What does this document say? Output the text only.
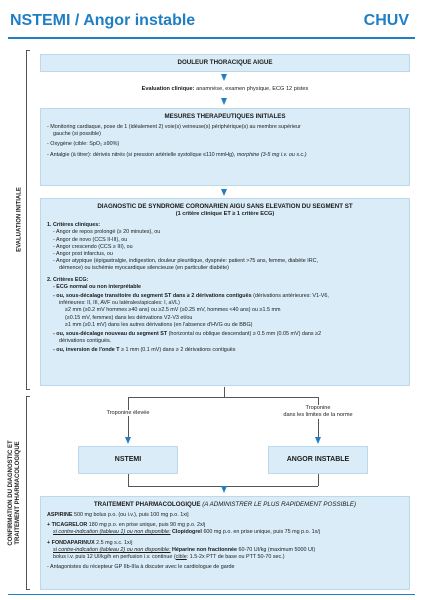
NSTEMI / Angor instable	CHUV
EVALUATION INITIALE
CONFIRMATION DU DIAGNOSTIC ET TRAITEMENT PHARMACOLOGIQUE
DOULEUR THORACIQUE AIGUE
Evaluation clinique: anamnèse, examen physique, ECG 12 pistes
MESURES THERAPEUTIQUES INITIALES
- Monitoring cardiaque, pose de 1 (idéalement 2) voie(s) veineuse(s) périphérique(s) au membre supérieur
gauche (si possible)
- Oxygène (cible: SpO₂ ≥90%)
- Antalgie (à titrer): dérivés nitrés (si pression artérielle systolique ≤110 mmHg), morphine (3-5 mg i.v. ou s.c.)
DIAGNOSTIC DE SYNDROME CORONARIEN AIGU SANS ELEVATION DU SEGMENT ST
(1 critère clinique ET ≥ 1 critère ECG)
1. Critères cliniques:
- Angor de repos prolongé (≥ 20 minutes), ou
- Angor de novo (CCS II-III), ou
- Angor crescendo (CCS ≥ III), ou
- Angor post infarctus, ou
- Angor atypique (épigastralgie, indigestion, douleur pleuritique, dyspnée: patient >75 ans, femme, diabète IRC,
démence) ou ischémie myocardique silencieuse (en particulier diabète)
2. Critères ECG:
- ECG normal ou non interprétable
- ou, sous-décalage transitoire du segment ST dans ≥ 2 dérivations contiguës (dérivations antérieures: V1-V6,
inférieures: II, III, AVF ou latérales/apicales: I, aVL)
≥2 mm (≥0.2 mV hommes ≥40 ans) ou ≥2.5 mV (≥0.25 mV, hommes <40 ans) ou ≥1.5 mm
(≥0.15 mV, femmes) dans les dérivations V2-V3 et/ou
≥1 mm (≥0.1 mV) dans les autres dérivations (en l'absence d'HVG ou de BBG)
- ou, sous-décalage nouveau du segment ST (horizontal ou oblique descendant) ≥ 0.5 mm (0.05 mV) dans ≥2
dérivations contiguës.
- ou, inversion de l'onde T ≥ 1 mm (0.1 mV) dans ≥ 2 dérivations contiguës
Troponine élevée
Troponine
dans les limites de la norme
NSTEMI	ANGOR INSTABLE
TRAITEMENT PHARMACOLOGIQUE (A ADMINISTRER LE PLUS RAPIDEMENT POSSIBLE)
ASPIRINE 500 mg bolus p.o. (ou i.v.), puis 100 mg p.o. 1x/j
+ TICAGRELOR 180 mg p.o. en prise unique, puis 90 mg p.o. 2x/j
si contre-indication (tableau 1) ou non disponible: Clopidogrel 600 mg p.o. en prise unique, puis 75 mg p.o. 1x/j
+ FONDAPARINUX 2.5 mg s.c. 1x/j
si contre-indication (tableau 2) ou non disponible: Héparine non fractionnée 60-70 UI/kg (maximum 5000 UI)
bolus i.v. puis 12 UI/kg/h en perfusion i.v. continue (cible: 1.5-2x PTT de base ou PTT 50-70 sec.)
- Antagonistes du récepteur GP IIb-IIIa à discuter avec le cardiologue de garde
